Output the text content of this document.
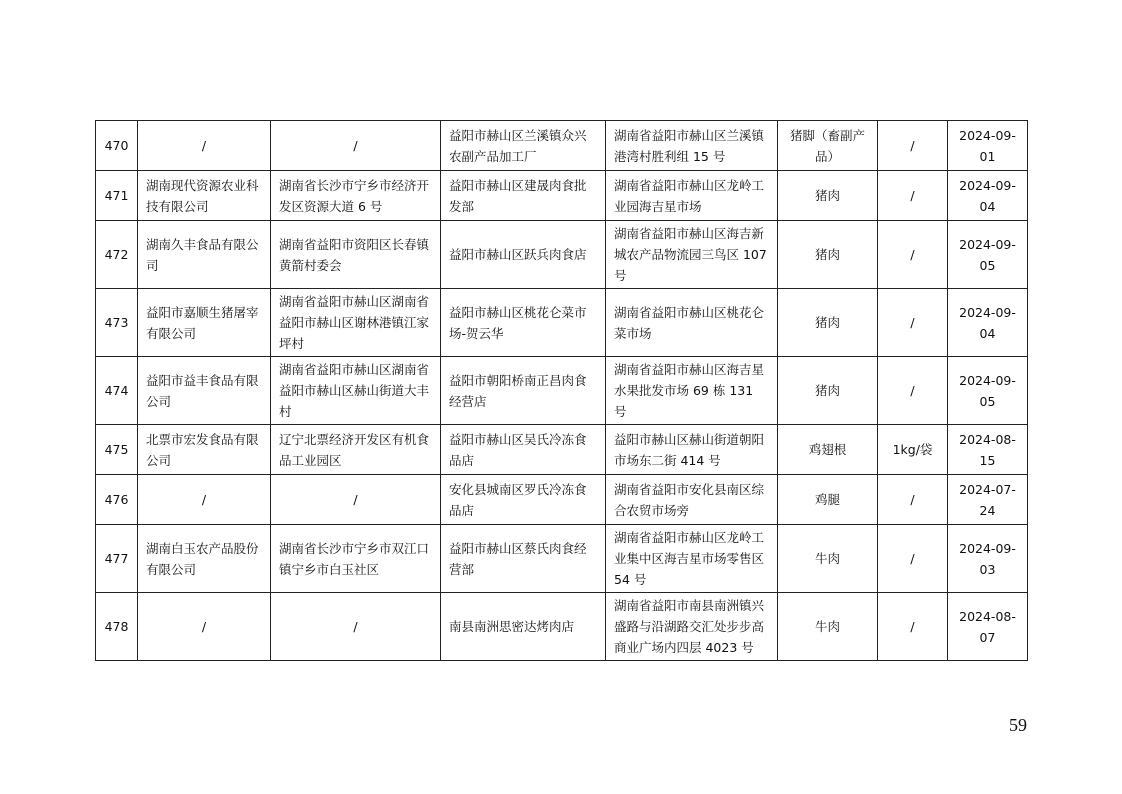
470	/	/	益阳市赫山区兰溪镇众兴农副产品加工厂	湖南省益阳市赫山区兰溪镇港湾村胜利组 15 号	猪脚（畜副产品）	/	2024-09-01
471	湖南现代资源农业科技有限公司	湖南省长沙市宁乡市经济开发区资源大道 6 号	益阳市赫山区建晟肉食批发部	湖南省益阳市赫山区龙岭工业园海吉星市场	猪肉	/	2024-09-04
472	湖南久丰食品有限公司	湖南省益阳市资阳区长春镇黄箭村委会	益阳市赫山区跃兵肉食店	湖南省益阳市赫山区海吉新城农产品物流园三鸟区 107 号	猪肉	/	2024-09-05
473	益阳市嘉顺生猪屠宰有限公司	湖南省益阳市赫山区湖南省益阳市赫山区谢林港镇江家坪村	益阳市赫山区桃花仑菜市场-贺云华	湖南省益阳市赫山区桃花仑菜市场	猪肉	/	2024-09-04
474	益阳市益丰食品有限公司	湖南省益阳市赫山区湖南省益阳市赫山区赫山街道大丰村	益阳市朝阳桥南正昌肉食经营店	湖南省益阳市赫山区海吉星水果批发市场 69 栋 131 号	猪肉	/	2024-09-05
475	北票市宏发食品有限公司	辽宁北票经济开发区有机食品工业园区	益阳市赫山区吴氏冷冻食品店	益阳市赫山区赫山街道朝阳市场东二街 414 号	鸡翅根	1kg/袋	2024-08-15
476	/	/	安化县城南区罗氏冷冻食品店	湖南省益阳市安化县南区综合农贸市场旁	鸡腿	/	2024-07-24
477	湖南白玉农产品股份有限公司	湖南省长沙市宁乡市双江口镇宁乡市白玉社区	益阳市赫山区蔡氏肉食经营部	湖南省益阳市赫山区龙岭工业集中区海吉星市场零售区 54 号	牛肉	/	2024-09-03
478	/	/	南县南洲思密达烤肉店	湖南省益阳市南县南洲镇兴盛路与沿湖路交汇处步步高商业广场内四层 4023 号	牛肉	/	2024-08-07
59
